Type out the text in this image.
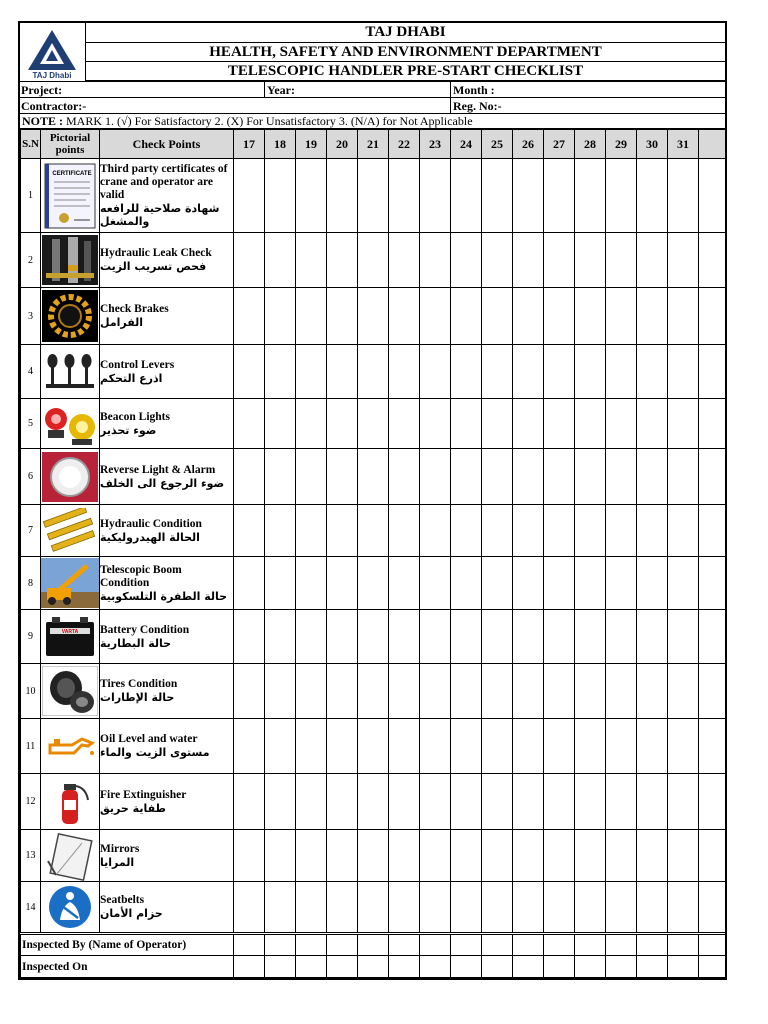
TAJ Dhabi
TAJ DHABI
HEALTH, SAFETY AND ENVIRONMENT DEPARTMENT
TELESCOPIC HANDLER PRE-START CHECKLIST
Project:	Year:	Month :
Contractor:-	Reg. No:-
NOTE : MARK 1. (√) For Satisfactory 2. (X) For Unsatisfactory 3. (N/A) for Not Applicable
S.N	Pictorial points	Check Points	17	18	19	20	21	22	23	24	25	26	27	28	29	30	31	
1	CERTIFICATE	Third party certificates of crane and operator are valid
شهادة صلاحية للرافعه والمشغل																

2		Hydraulic Leak Check
فحص تسريب الزيت																

3		Check Brakes
الفرامل																

4		Control Levers
اذرع التحكم																

5		Beacon Lights
ضوء تحذير																

6		Reverse Light & Alarm
ضوء الرجوع الى الخلف																

7		Hydraulic Condition
الحالة الهيدروليكية																

8		Telescopic Boom Condition
حالة الطفرة التلسكوبية																

9	VARTA	Battery Condition
حالة البطارية																

10		Tires Condition
حالة الإطارات																

11		Oil Level and water
مستوى الزيت والماء																

12		Fire Extinguisher
طفاية حريق																

13		Mirrors
المرايا																

14		Seatbelts
حزام الأمان																

Inspected By (Name of Operator)																		
Inspected On																		
